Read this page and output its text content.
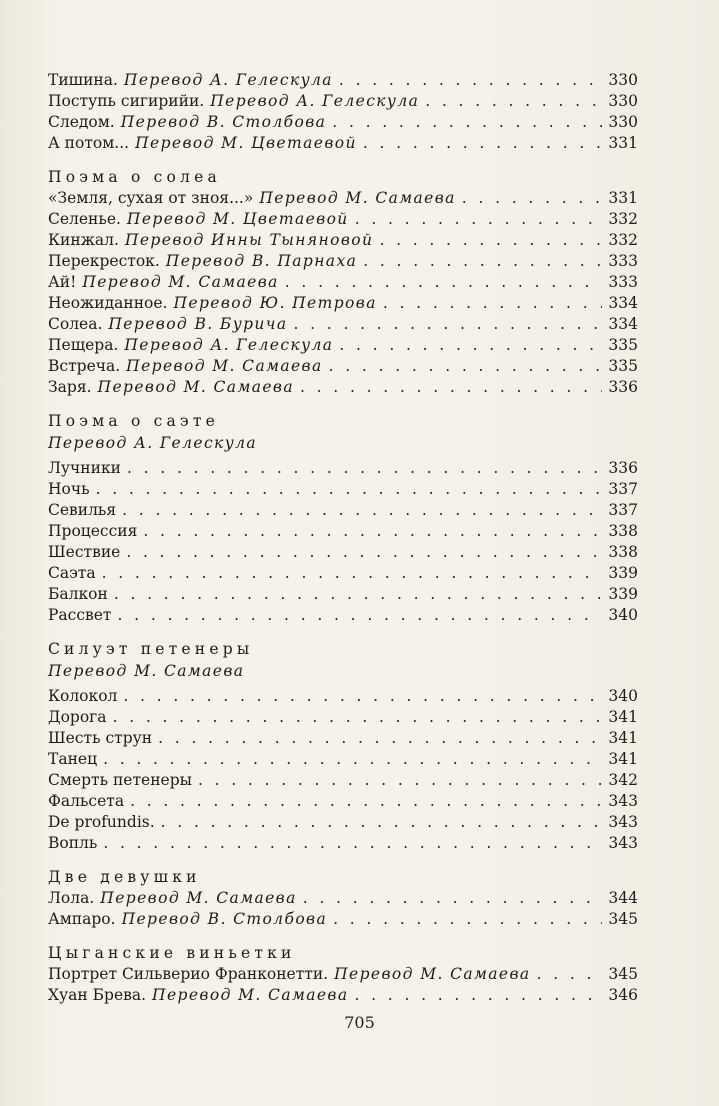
Тишина. Перевод А. Гелескула . . .	330
Поступь сигирийи. Перевод А. Гелескула . . .	330
Следом. Перевод В. Столбова . . .	330
А потом... Перевод М. Цветаевой . . .	331
Поэма о солеа
«Земля, сухая от зноя...» Перевод М. Самаева . . .	331
Селенье. Перевод М. Цветаевой . . .	332
Кинжал. Перевод Инны Тыняновой . . .	332
Перекресток. Перевод В. Парнаха . . .	333
Ай! Перевод М. Самаева . . .	333
Неожиданное. Перевод Ю. Петрова . . .	334
Солеа. Перевод В. Бурича . . .	334
Пещера. Перевод А. Гелескула . . .	335
Встреча. Перевод М. Самаева . . .	335
Заря. Перевод М. Самаева . . .	336
Поэма о саэте
Перевод А. Гелескула
Лучники . . .	336
Ночь . . .	337
Севилья . . .	337
Процессия . . .	338
Шествие . . .	338
Саэта . . .	339
Балкон . . .	339
Рассвет . . .	340
Силуэт петенеры
Перевод М. Самаева
Колокол . . .	340
Дорога . . .	341
Шесть струн . . .	341
Танец . . .	341
Смерть петенеры . . .	342
Фальсета . . .	343
De profundis. . . .	343
Вопль . . .	343
Две девушки
Лола. Перевод М. Самаева . . .	344
Ампаро. Перевод В. Столбова . . .	345
Цыганские виньетки
Портрет Сильверио Франконетти. Перевод М. Самаева . . .	345
Хуан Брева. Перевод М. Самаева . . .	346
705
